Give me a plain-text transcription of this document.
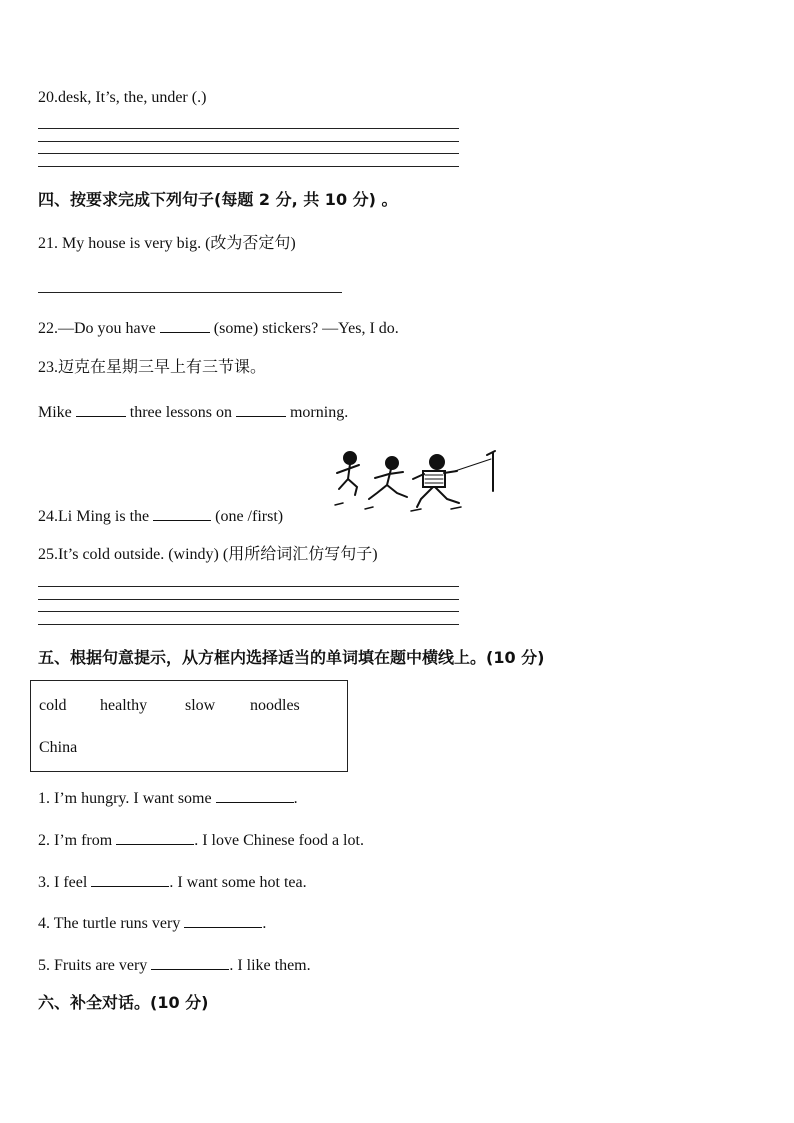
20.desk, It’s, the, under (.)
四、按要求完成下列句子(每题 2 分, 共 10 分) 。
21. My house is very big. (改为否定句)
22.—Do you have	(some) stickers? —Yes, I do.
23.迈克在星期三早上有三节课。
Mike	three lessons on	morning.
24.Li Ming is the	(one /first)
25.It’s cold outside. (windy) (用所给词汇仿写句子)
五、根据句意提示，从方框内选择适当的单词填在题中横线上。(10 分)
cold healthy slow noodles
China
1. I’m hungry. I want some	.
2. I’m from	. I love Chinese food a lot.
3. I feel	. I want some hot tea.
4. The turtle runs very	.
5. Fruits are very	. I like them.
六、补全对话。(10 分)
